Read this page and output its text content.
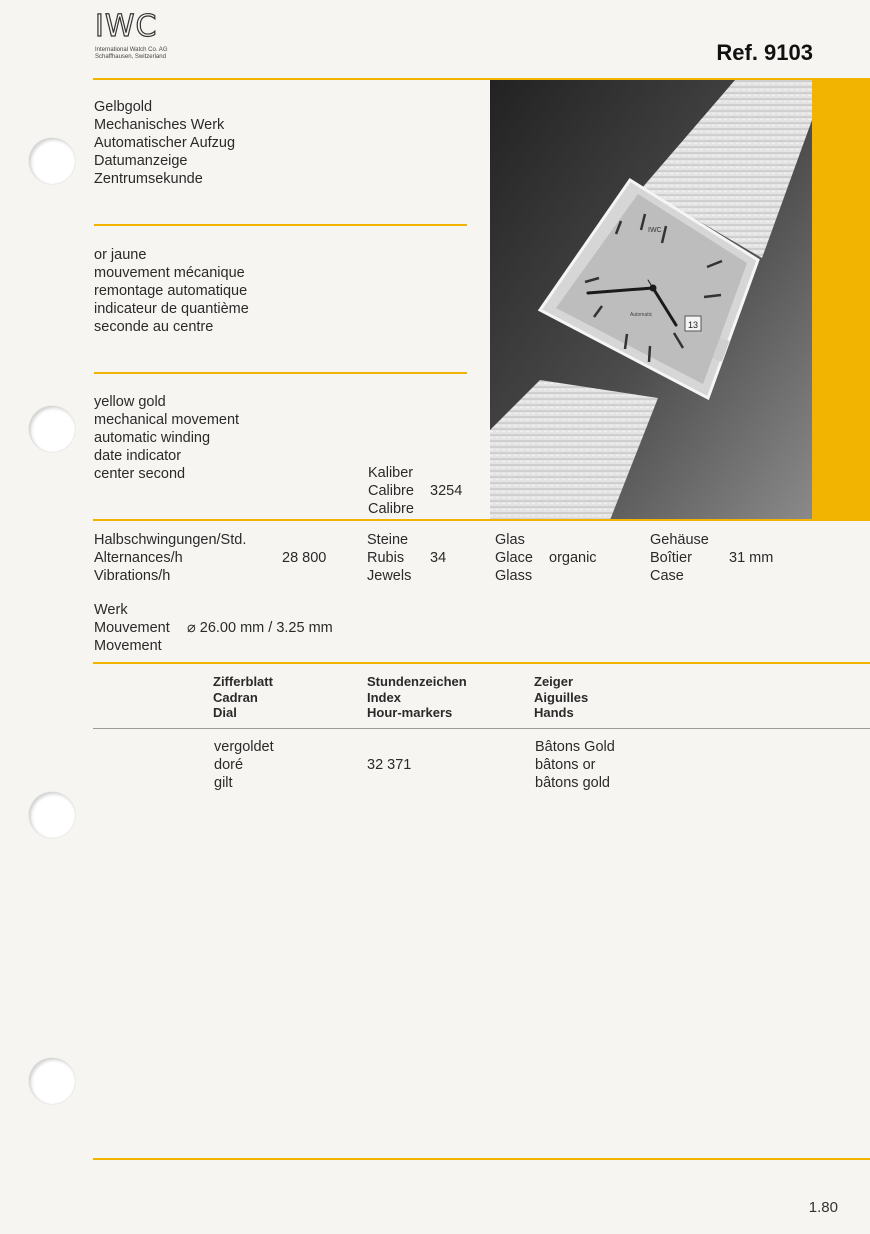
IWC
International Watch Co. AG
Schaffhausen, Switzerland	Ref. 9103
13
IWC
Automatic
Gelbgold
Mechanisches Werk
Automatischer Aufzug
Datumanzeige
Zentrumsekunde
or jaune
mouvement mécanique
remontage automatique
indicateur de quantième
seconde au centre
yellow gold
mechanical movement
automatic winding
date indicator
center second	Kaliber
Calibre
Calibre
3254
Halbschwingungen/Std.
Alternances/h
Vibrations/h
28 800
Steine
Rubis
Jewels
34
Glas
Glace
Glass
organic
Gehäuse
Boîtier
Case
31 mm
Werk
Mouvement
Movement
⌀ 26.00 mm / 3.25 mm
Zifferblatt
Cadran
Dial
Stundenzeichen
Index
Hour-markers
Zeiger
Aiguilles
Hands
vergoldet
doré
gilt
32 371
Bâtons Gold
bâtons or
bâtons gold
1.80
